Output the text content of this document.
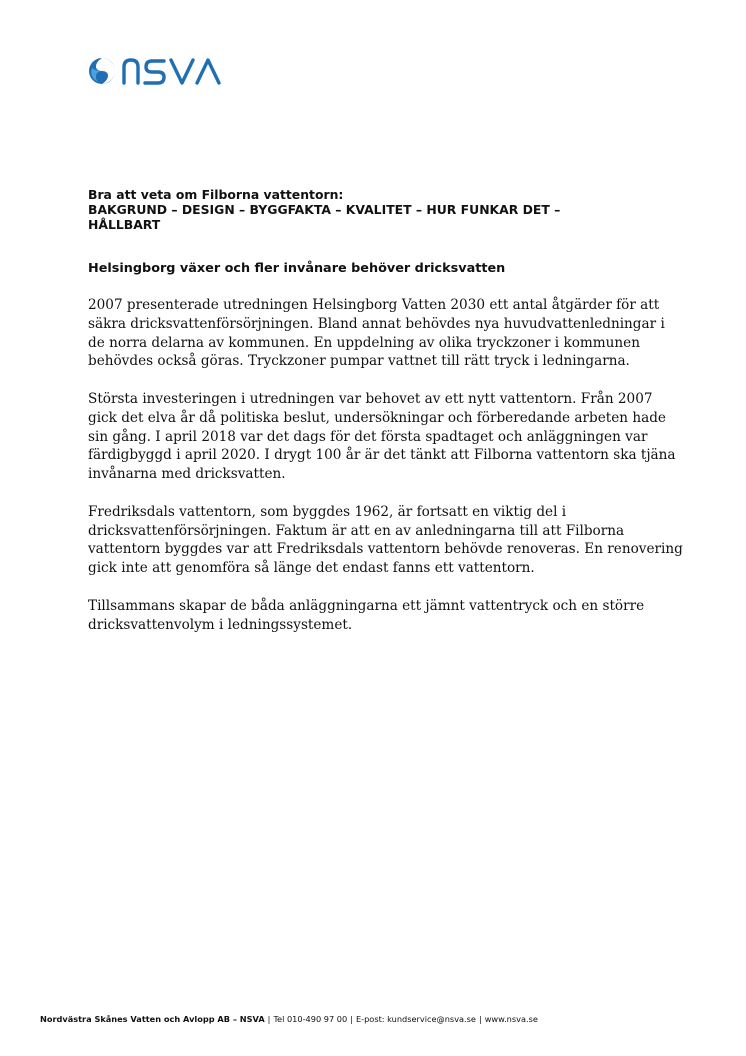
Bra att veta om Filborna vattentorn:
BAKGRUND – DESIGN – BYGGFAKTA – KVALITET – HUR FUNKAR DET –
HÅLLBART
Helsingborg växer och fler invånare behöver dricksvatten

2007 presenterade utredningen Helsingborg Vatten 2030 ett antal åtgärder för att
säkra dricksvattenförsörjningen. Bland annat behövdes nya huvudvattenledningar i
de norra delarna av kommunen. En uppdelning av olika tryckzoner i kommunen
behövdes också göras. Tryckzoner pumpar vattnet till rätt tryck i ledningarna.

Största investeringen i utredningen var behovet av ett nytt vattentorn. Från 2007
gick det elva år då politiska beslut, undersökningar och förberedande arbeten hade
sin gång. I april 2018 var det dags för det första spadtaget och anläggningen var
färdigbyggd i april 2020. I drygt 100 år är det tänkt att Filborna vattentorn ska tjäna
invånarna med dricksvatten.

Fredriksdals vattentorn, som byggdes 1962, är fortsatt en viktig del i
dricksvattenförsörjningen. Faktum är att en av anledningarna till att Filborna
vattentorn byggdes var att Fredriksdals vattentorn behövde renoveras. En renovering
gick inte att genomföra så länge det endast fanns ett vattentorn.

Tillsammans skapar de båda anläggningarna ett jämnt vattentryck och en större
dricksvattenvolym i ledningssystemet.

Nordvästra Skånes Vatten och Avlopp AB – NSVA | Tel 010-490 97 00 | E-post: kundservice@nsva.se | www.nsva.se
